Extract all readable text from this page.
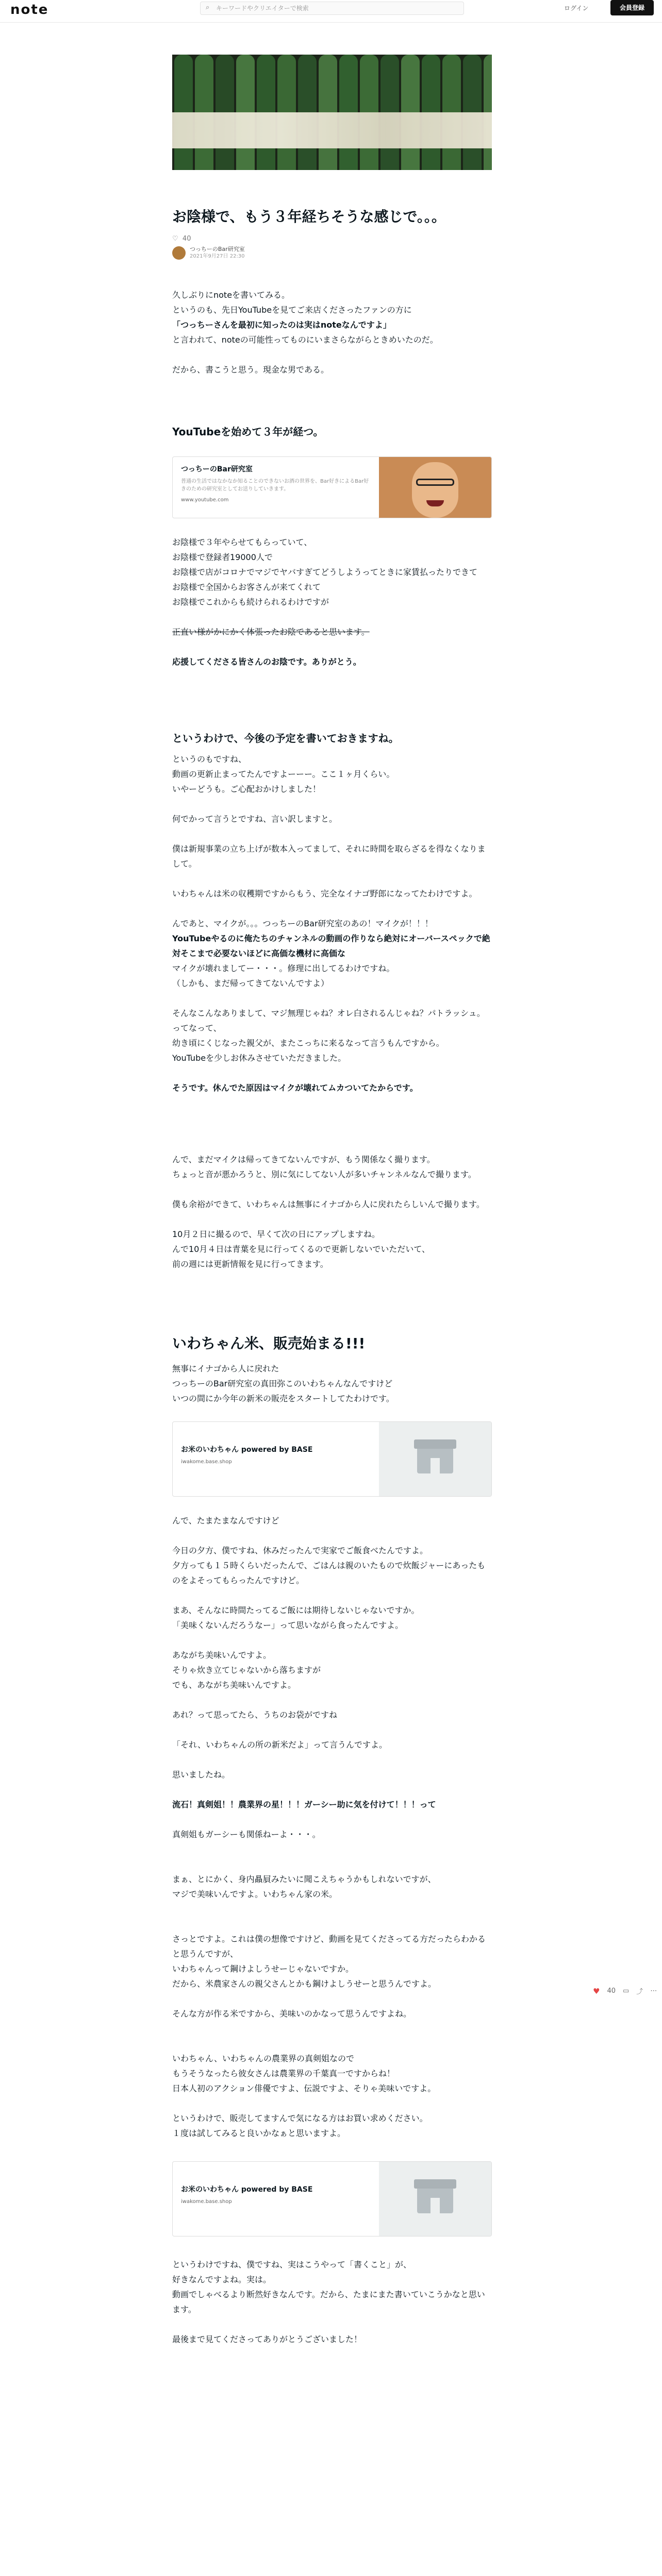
note	⌕ キーワードやクリエイターで検索	ログイン	会員登録
お陰様で、もう３年経ちそうな感じで。。。
♡ 40
つっちーのBar研究室
2021年9月27日 22:30

久しぶりにnoteを書いてみる。

というのも、先日YouTubeを見てご来店くださったファンの方に

「つっちーさんを最初に知ったのは実はnoteなんですよ」

と言われて、noteの可能性ってものにいまさらながらときめいたのだ。

だから、書こうと思う。現金な男である。

YouTubeを始めて３年が経つ。
つっちーのBar研究室
普通の生活ではなかなか知ることのできないお酒の世界を、Bar好きによるBar好きのための研究室としてお送りしていきます。
www.youtube.com

お陰様で３年やらせてもらっていて、

お陰様で登録者19000人で

お陰様で店がコロナでマジでヤバすぎてどうしようってときに家賃払ったりできて

お陰様で全国からお客さんが来てくれて

お陰様でこれからも続けられるわけですが

正直い様がかにかく体張ったお陰であると思います。

応援してくださる皆さんのお陰です。ありがとう。

というわけで、今後の予定を書いておきますね。

というのもですね、

動画の更新止まってたんですよーーー。ここ１ヶ月くらい。

いやーどうも。ご心配おかけしました！

何でかって言うとですね、言い訳しますと。

僕は新規事業の立ち上げが数本入ってまして、それに時間を取らざるを得なくなりまして。

いわちゃんは米の収穫期ですからもう、完全なイナゴ野郎になってたわけですよ。

んであと、マイクが。。。つっちーのBar研究室のあの！マイクが！！！

YouTubeやるのに俺たちのチャンネルの動画の作りなら絶対にオーバースペックで絶対そこまで必要ないほどに高価な機材に高価な

マイクが壊れましてー・・・。修理に出してるわけですね。

（しかも、まだ帰ってきてないんですよ）

そんなこんなありまして、マジ無理じゃね？オレ白されるんじゃね？パトラッシュ。ってなって、

幼き頃にくじなった親父が、またこっちに来るなって言うもんですから。

YouTubeを少しお休みさせていただきました。

そうです。休んでた原因はマイクが壊れてムカついてたからです。

んで、まだマイクは帰ってきてないんですが、もう関係なく撮ります。

ちょっと音が悪かろうと、別に気にしてない人が多いチャンネルなんで撮ります。

僕も余裕ができて、いわちゃんは無事にイナゴから人に戻れたらしいんで撮ります。

10月２日に撮るので、早くて次の日にアップしますね。

んで10月４日は青葉を見に行ってくるので更新しないでいただいて、

前の週には更新情報を見に行ってきます。

いわちゃん米、販売始まる!!!

無事にイナゴから人に戻れた

つっちーのBar研究室の真田弥このいわちゃんなんですけど

いつの間にか今年の新米の販売をスタートしてたわけです。

お米のいわちゃん powered by BASE
iwakome.base.shop

んで、たまたまなんですけど

今日の夕方、僕ですね、休みだったんで実家でご飯食べたんですよ。

夕方っても１５時くらいだったんで、ごはんは親のいたもので炊飯ジャーにあったものをよそってもらったんですけど。

まあ、そんなに時間たってるご飯には期待しないじゃないですか。

「美味くないんだろうなー」って思いながら食ったんですよ。

あながち美味いんですよ。

そりゃ炊き立てじゃないから落ちますが

でも、あながち美味いんですよ。

あれ？って思ってたら、うちのお袋がですね

「それ、いわちゃんの所の新米だよ」って言うんですよ。

思いましたね。

流石！真剣姐！！農業界の星！！！ガーシー助に気を付けて！！！って

真剣姐もガーシーも関係ねーよ・・・。

まぁ、とにかく、身内贔屓みたいに聞こえちゃうかもしれないですが、

マジで美味いんですよ。いわちゃん家の米。

さっとですよ。これは僕の想像ですけど、動画を見てくださってる方だったらわかると思うんですが、

いわちゃんって鋼けよしうせーじゃないですか。

だから、米農家さんの親父さんとかも鋼けよしうせーと思うんですよ。

そんな方が作る米ですから、美味いのかなって思うんですよね。

いわちゃん、いわちゃんの農業界の真剣姐なので

もうそうなったら彼女さんは農業界の千葉真一ですからね！

日本人初のアクション俳優ですよ、伝説ですよ、そりゃ美味いですよ。

というわけで、販売してますんで気になる方はお買い求めください。

１度は試してみると良いかなぁと思いますよ。

お米のいわちゃん powered by BASE
iwakome.base.shop

というわけですね、僕ですね、実はこうやって「書くこと」が、

好きなんですよね。実は。

動画でしゃべるより断然好きなんです。だから、たまにまた書いていこうかなと思います。

最後まで見てくださってありがとうございました！

♥ 40 ▭ ⤴ ⋯
